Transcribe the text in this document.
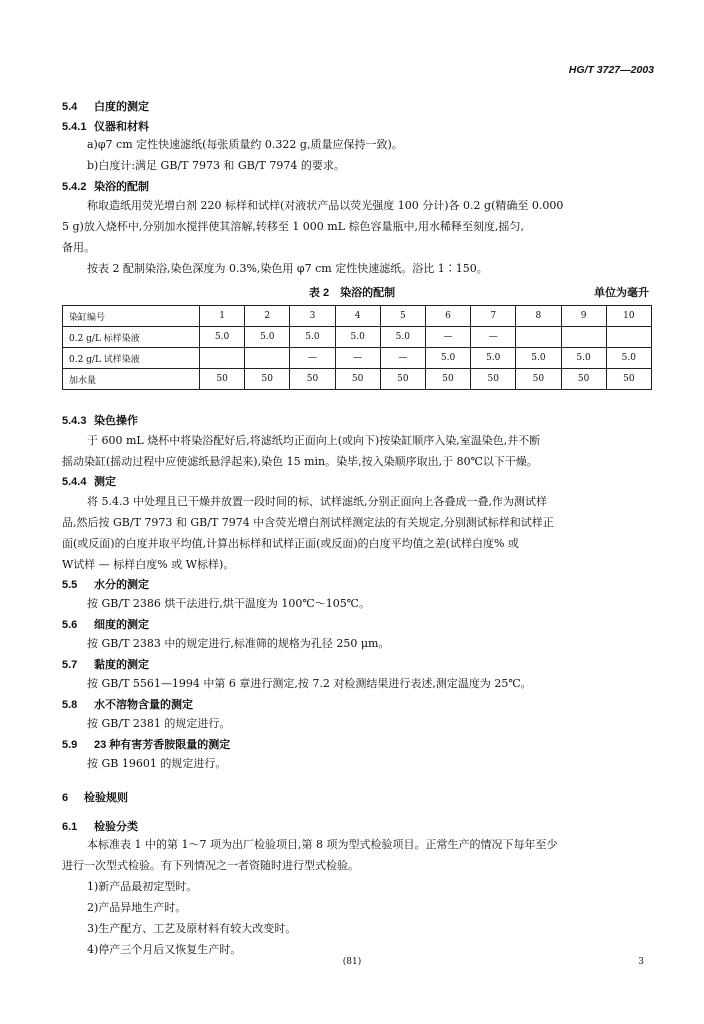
HG/T 3727—2003
5.4 白度的测定
5.4.1 仪器和材料
a)φ7 cm 定性快速滤纸(每张质量约 0.322 g,质量应保持一致)。
b)白度计:满足 GB/T 7973 和 GB/T 7974 的要求。
5.4.2 染浴的配制
称取造纸用荧光增白剂 220 标样和试样(对液状产品以荧光强度 100 分计)各 0.2 g(精确至 0.000
5 g)放入烧杯中,分别加水搅拌使其溶解,转移至 1 000 mL 棕色容量瓶中,用水稀释至刻度,摇匀,
备用。
按表 2 配制染浴,染色深度为 0.3%,染色用 φ7 cm 定性快速滤纸。浴比 1∶150。
表 2　染浴的配制	单位为毫升
染缸编号	1	2	3	4	5	6	7	8	9	10
0.2 g/L 标样染液	5.0	5.0	5.0	5.0	5.0	—	—			
0.2 g/L 试样染液			—	—	—	5.0	5.0	5.0	5.0	5.0
加水量	50	50	50	50	50	50	50	50	50	50
5.4.3 染色操作
于 600 mL 烧杯中将染浴配好后,将滤纸均正面向上(或向下)按染缸顺序入染,室温染色,并不断
摇动染缸(摇动过程中应使滤纸悬浮起来),染色 15 min。染毕,按入染顺序取出,于 80℃以下干燥。
5.4.4 测定
将 5.4.3 中处理且已干燥并放置一段时间的标、试样滤纸,分别正面向上各叠成一叠,作为测试样
品,然后按 GB/T 7973 和 GB/T 7974 中含荧光增白剂试样测定法的有关规定,分别测试标样和试样正
面(或反面)的白度并取平均值,计算出标样和试样正面(或反面)的白度平均值之差(试样白度% 或
W试样 — 标样白度% 或 W标样)。
5.5 水分的测定
按 GB/T 2386 烘干法进行,烘干温度为 100℃～105℃。
5.6 细度的测定
按 GB/T 2383 中的规定进行,标准筛的规格为孔径 250 μm。
5.7 黏度的测定
按 GB/T 5561—1994 中第 6 章进行测定,按 7.2 对检测结果进行表述,测定温度为 25℃。
5.8 水不溶物含量的测定
按 GB/T 2381 的规定进行。
5.9 23 种有害芳香胺限量的测定
按 GB 19601 的规定进行。
6 检验规则
6.1 检验分类
本标准表 1 中的第 1～7 项为出厂检验项目,第 8 项为型式检验项目。正常生产的情况下每年至少
进行一次型式检验。有下列情况之一者资随时进行型式检验。
1)新产品最初定型时。
2)产品异地生产时。
3)生产配方、工艺及原材料有较大改变时。
4)停产三个月后又恢复生产时。
(81)	3
